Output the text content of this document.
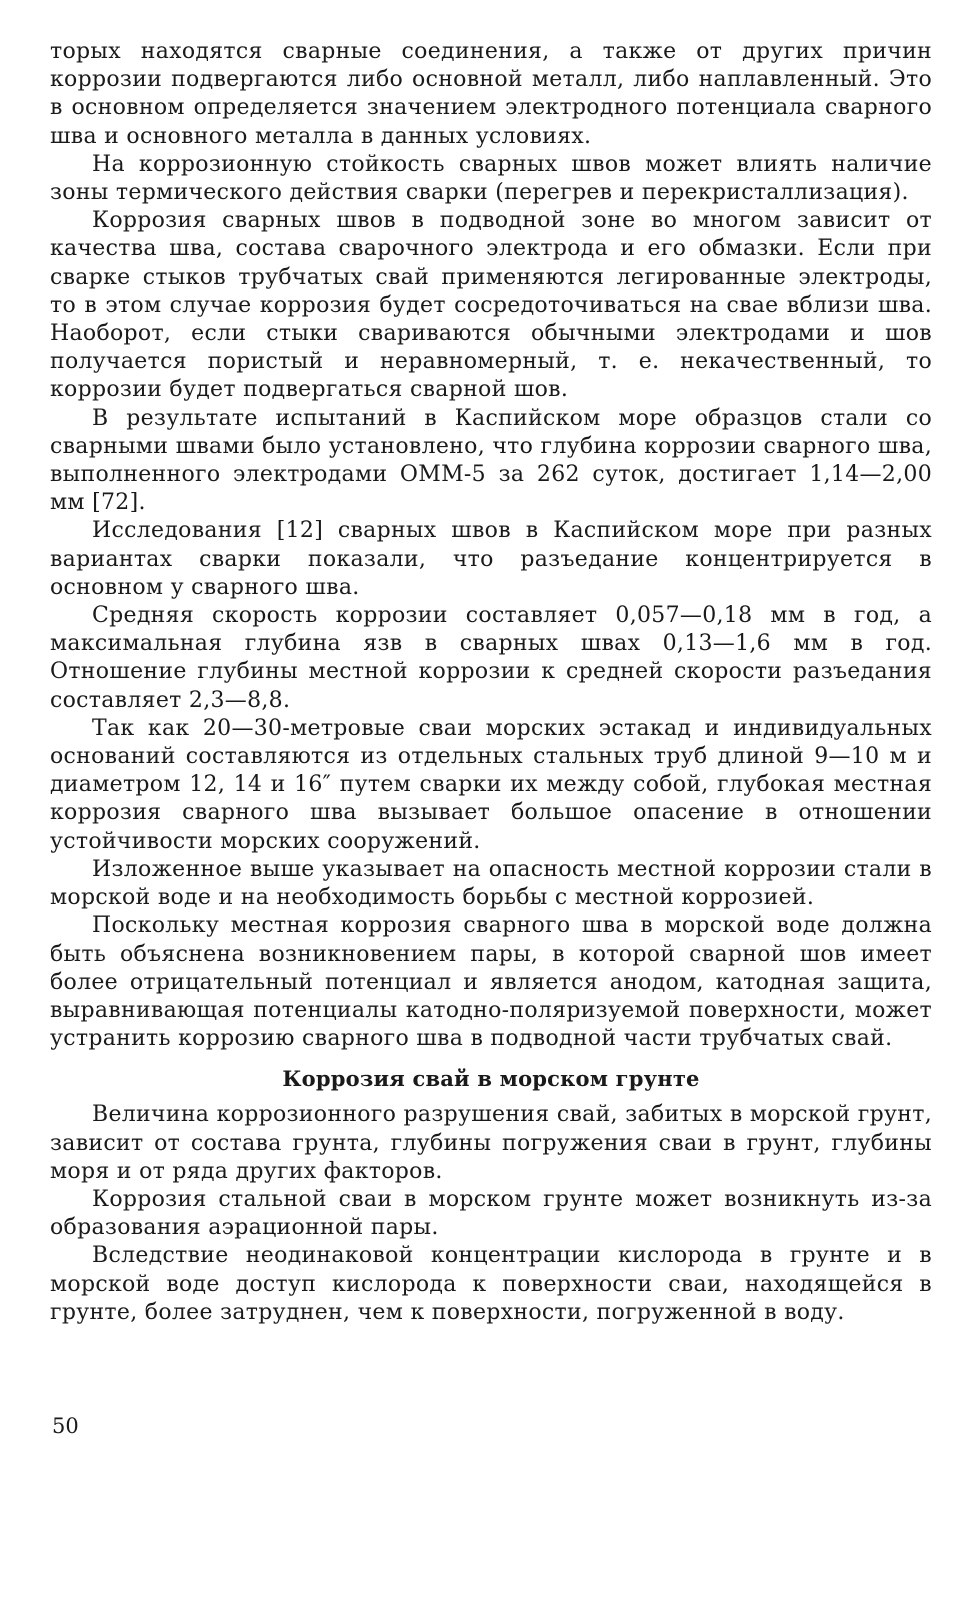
торых находятся сварные соединения, а также от других причин коррозии подвергаются либо основной металл, либо наплавленный. Это в основном определяется значением электродного потенциала сварного шва и основного металла в данных условиях.

На коррозионную стойкость сварных швов может влиять наличие зоны термического действия сварки (перегрев и перекристаллизация).

Коррозия сварных швов в подводной зоне во многом зависит от качества шва, состава сварочного электрода и его обмазки. Если при сварке стыков трубчатых свай применяются легированные электроды, то в этом случае коррозия будет сосредоточиваться на свае вблизи шва. Наоборот, если стыки свариваются обычными электродами и шов получается пористый и неравномерный, т. е. некачественный, то коррозии будет подвергаться сварной шов.

В результате испытаний в Каспийском море образцов стали со сварными швами было установлено, что глубина коррозии сварного шва, выполненного электродами ОММ-5 за 262 суток, достигает 1,14—2,00 мм [72].

Исследования [12] сварных швов в Каспийском море при разных вариантах сварки показали, что разъедание концентрируется в основном у сварного шва.

Средняя скорость коррозии составляет 0,057—0,18 мм в год, а максимальная глубина язв в сварных швах 0,13—1,6 мм в год. Отношение глубины местной коррозии к средней скорости разъедания составляет 2,3—8,8.

Так как 20—30-метровые сваи морских эстакад и индивидуальных оснований составляются из отдельных стальных труб длиной 9—10 м и диаметром 12, 14 и 16″ путем сварки их между собой, глубокая местная коррозия сварного шва вызывает большое опасение в отношении устойчивости морских сооружений.

Изложенное выше указывает на опасность местной коррозии стали в морской воде и на необходимость борьбы с местной коррозией.

Поскольку местная коррозия сварного шва в морской воде должна быть объяснена возникновением пары, в которой сварной шов имеет более отрицательный потенциал и является анодом, катодная защита, выравнивающая потенциалы катодно-поляризуемой поверхности, может устранить коррозию сварного шва в подводной части трубчатых свай.

Коррозия свай в морском грунте

Величина коррозионного разрушения свай, забитых в морской грунт, зависит от состава грунта, глубины погружения сваи в грунт, глубины моря и от ряда других факторов.

Коррозия стальной сваи в морском грунте может возникнуть из-за образования аэрационной пары.

Вследствие неодинаковой концентрации кислорода в грунте и в морской воде доступ кислорода к поверхности сваи, находящейся в грунте, более затруднен, чем к поверхности, погруженной в воду.

50
